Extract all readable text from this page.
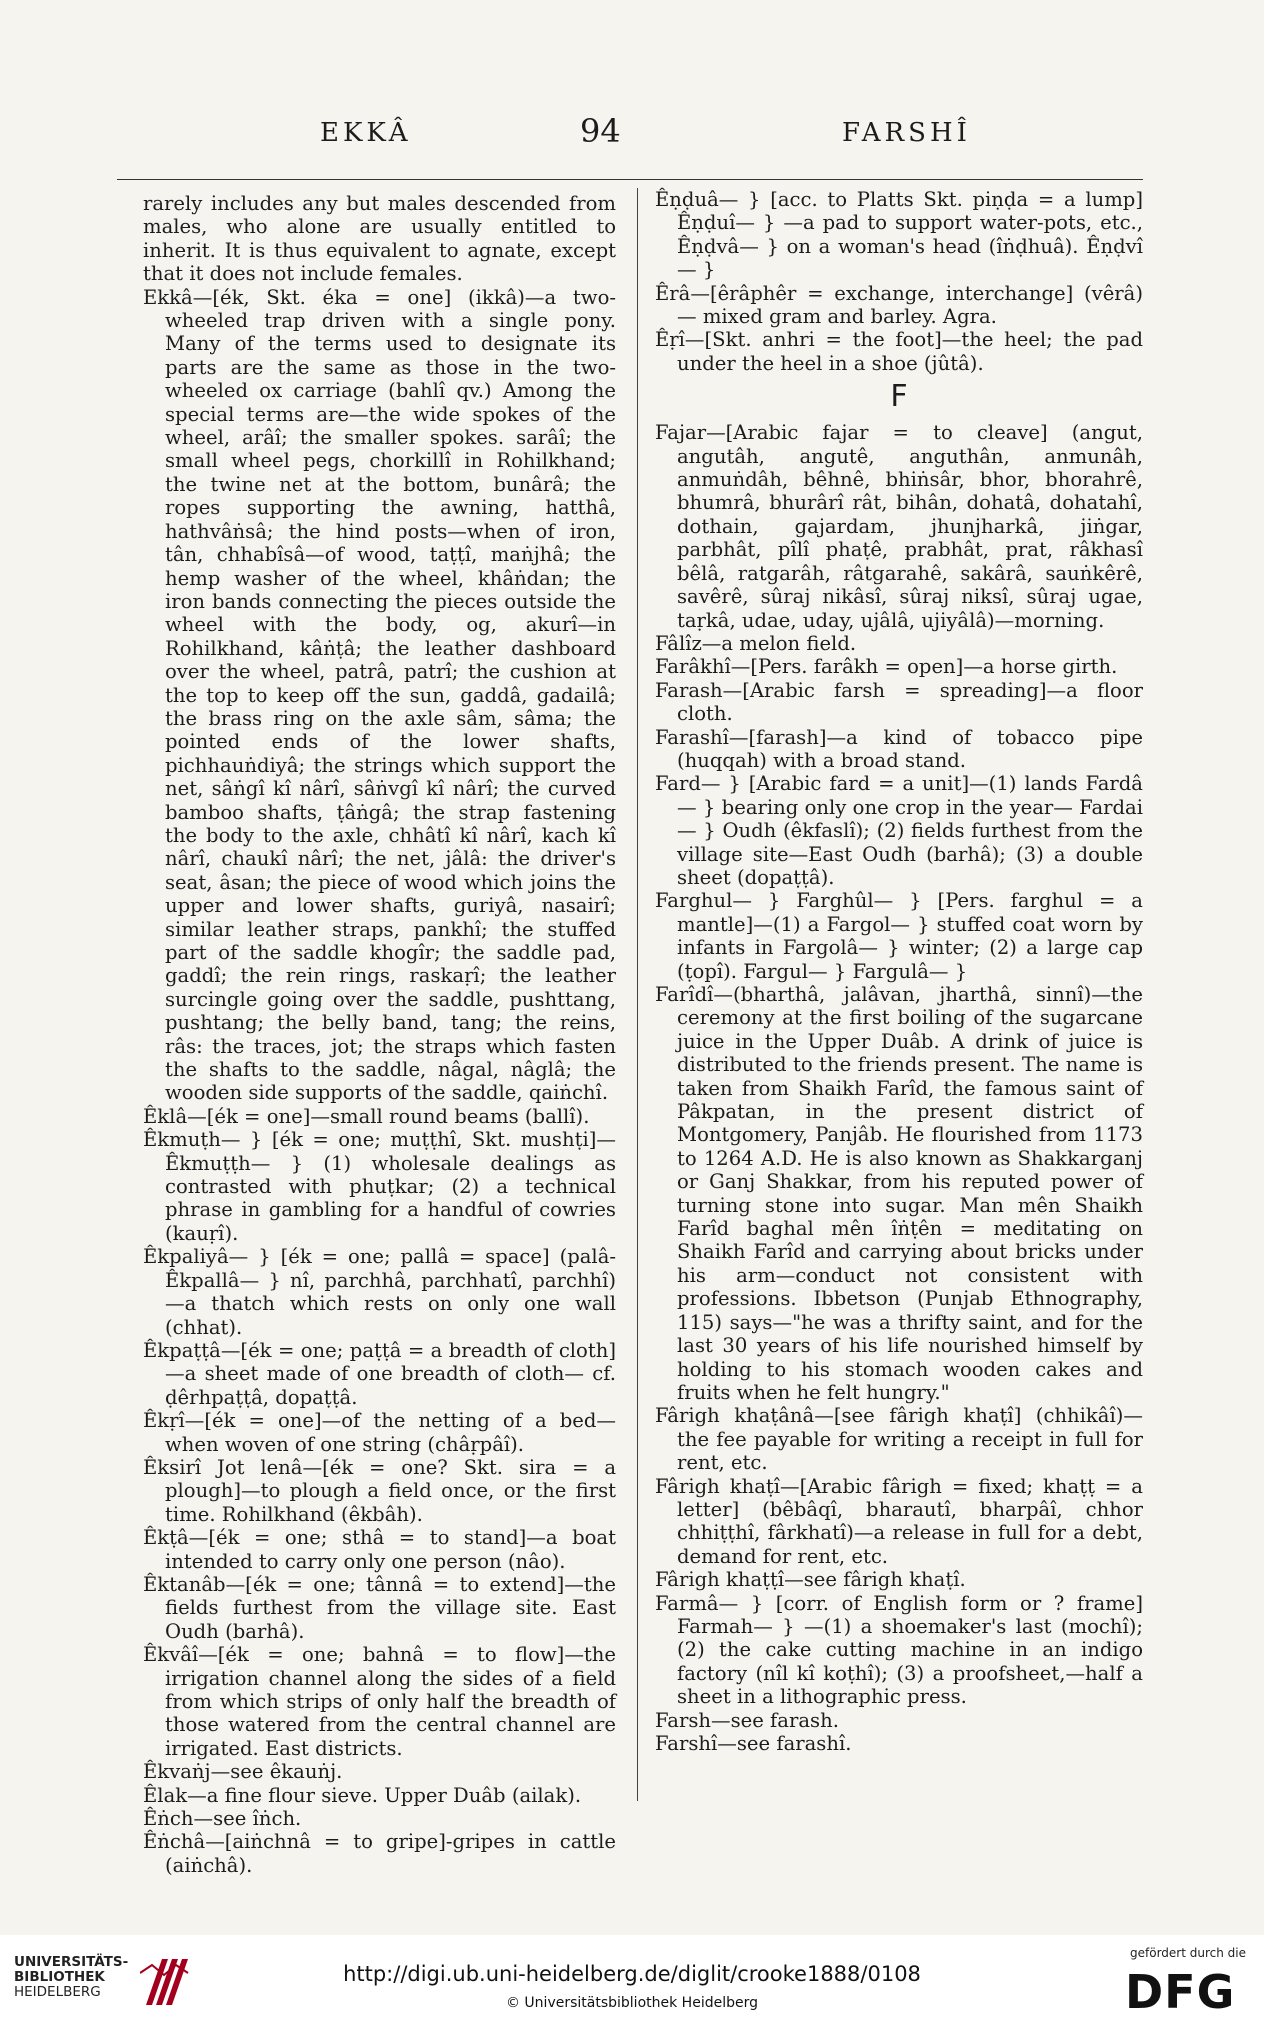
EKKÂ	94	FARSHÎ

rarely includes any but males descended from males, who alone are usually entitled to inherit. It is thus equivalent to agnate, except that it does not include females.

Ekkâ—[ék, Skt. éka = one] (ikkâ)—a two-wheeled trap driven with a single pony. Many of the terms used to designate its parts are the same as those in the two-wheeled ox carriage (bahlî qv.) Among the special terms are—the wide spokes of the wheel, arâî; the smaller spokes. sarâî; the small wheel pegs, chorkillî in Rohilkhand; the twine net at the bottom, bunârâ; the ropes supporting the awning, hatthâ, hathvâṅsâ; the hind posts—when of iron, tân, chhabîsâ—of wood, taṭṭî, maṅjhâ; the hemp washer of the wheel, khâṅdan; the iron bands connecting the pieces outside the wheel with the body, og, akurî—in Rohilkhand, kâṅṭâ; the leather dashboard over the wheel, patrâ, patrî; the cushion at the top to keep off the sun, gaddâ, gadailâ; the brass ring on the axle sâm, sâma; the pointed ends of the lower shafts, pichhauṅdiyâ; the strings which support the net, sâṅgî kî nârî, sâṅvgî kî nârî; the curved bamboo shafts, ṭâṅgâ; the strap fastening the body to the axle, chhâtî kî nârî, kach kî nârî, chaukî nârî; the net, jâlâ: the driver's seat, âsan; the piece of wood which joins the upper and lower shafts, guriyâ, nasairî; similar leather straps, pankhî; the stuffed part of the saddle khogîr; the saddle pad, gaddî; the rein rings, raskaṛî; the leather surcingle going over the saddle, pushttang, pushtang; the belly band, tang; the reins, râs: the traces, jot; the straps which fasten the shafts to the saddle, nâgal, nâglâ; the wooden side supports of the saddle, qaiṅchî.

Êklâ—[ék = one]—small round beams (ballî).

Êkmuṭh— } [ék = one; muṭṭhî, Skt. mushṭi]— Êkmuṭṭh— } (1) wholesale dealings as contrasted with phuṭkar; (2) a technical phrase in gambling for a handful of cowries (kauṛî).

Êkpaliyâ— } [ék = one; pallâ = space] (palâ- Êkpallâ— } nî, parchhâ, parchhatî, parchhî) —a thatch which rests on only one wall (chhat).

Êkpaṭṭâ—[ék = one; paṭṭâ = a breadth of cloth]—a sheet made of one breadth of cloth— cf. ḍêrhpaṭṭâ, dopaṭṭâ.

Êkṛî—[ék = one]—of the netting of a bed— when woven of one string (châṛpâî).

Êksirî Jot lenâ—[ék = one? Skt. sira = a plough]—to plough a field once, or the first time. Rohilkhand (êkbâh).

Êkṭâ—[ék = one; sthâ = to stand]—a boat intended to carry only one person (nâo).

Êktanâb—[ék = one; tânnâ = to extend]—the fields furthest from the village site. East Oudh (barhâ).

Êkvâî—[ék = one; bahnâ = to flow]—the irrigation channel along the sides of a field from which strips of only half the breadth of those watered from the central channel are irrigated. East districts.

Êkvaṅj—see êkauṅj.

Êlak—a fine flour sieve. Upper Duâb (ailak).

Êṅch—see îṅch.

Êṅchâ—[aiṅchnâ = to gripe]-gripes in cattle (aiṅchâ).

Êṇḍuâ— } [acc. to Platts Skt. piṇḍa = a lump] Êṇḍuî— } —a pad to support water-pots, etc., Êṇḍvâ— } on a woman's head (îṅḍhuâ). Êṇḍvî— }

Êrâ—[êrâphêr = exchange, interchange] (vêrâ)— mixed gram and barley. Agra.

Êṛî—[Skt. anhri = the foot]—the heel; the pad under the heel in a shoe (jûtâ).

F

Fajar—[Arabic fajar = to cleave] (angut, angutâh, angutê, anguthân, anmunâh, anmuṅdâh, bêhnê, bhiṅsâr, bhor, bhorahrê, bhumrâ, bhurârî rât, bihân, dohatâ, dohatahî, dothain, gajardam, jhunjharkâ, jiṅgar, parbhât, pîlî phaṭê, prabhât, prat, râkhasî bêlâ, ratgarâh, râtgarahê, sakârâ, sauṅkêrê, savêrê, sûraj nikâsî, sûraj niksî, sûraj ugae, taṛkâ, udae, uday, ujâlâ, ujiyâlâ)—morning.

Fâlîz—a melon field.

Farâkhî—[Pers. farâkh = open]—a horse girth.

Farash—[Arabic farsh = spreading]—a floor cloth.

Farashî—[farash]—a kind of tobacco pipe (huqqah) with a broad stand.

Fard— } [Arabic fard = a unit]—(1) lands Fardâ— } bearing only one crop in the year— Fardai— } Oudh (êkfaslî); (2) fields furthest from the village site—East Oudh (barhâ); (3) a double sheet (dopaṭṭâ).

Farghul— } Farghûl— } [Pers. farghul = a mantle]—(1) a Fargol— } stuffed coat worn by infants in Fargolâ— } winter; (2) a large cap (ṭopî). Fargul— } Fargulâ— }

Farîdî—(bharthâ, jalâvan, jharthâ, sinnî)—the ceremony at the first boiling of the sugarcane juice in the Upper Duâb. A drink of juice is distributed to the friends present. The name is taken from Shaikh Farîd, the famous saint of Pâkpatan, in the present district of Montgomery, Panjâb. He flourished from 1173 to 1264 A.D. He is also known as Shakkarganj or Ganj Shakkar, from his reputed power of turning stone into sugar. Man mên Shaikh Farîd baghal mên îṅṭên = meditating on Shaikh Farîd and carrying about bricks under his arm—conduct not consistent with professions. Ibbetson (Punjab Ethnography, 115) says—"he was a thrifty saint, and for the last 30 years of his life nourished himself by holding to his stomach wooden cakes and fruits when he felt hungry."

Fârigh khaṭânâ—[see fârigh khaṭî] (chhikâî)— the fee payable for writing a receipt in full for rent, etc.

Fârigh khaṭî—[Arabic fârigh = fixed; khaṭṭ = a letter] (bêbâqî, bharautî, bharpâî, chhor chhiṭṭhî, fârkhatî)—a release in full for a debt, demand for rent, etc.

Fârigh khaṭṭî—see fârigh khaṭî.

Farmâ— } [corr. of English form or ? frame] Farmah— } —(1) a shoemaker's last (mochî); (2) the cake cutting machine in an indigo factory (nîl kî koṭhî); (3) a proofsheet,—half a sheet in a lithographic press.

Farsh—see farash.

Farshî—see farashî.

UNIVERSITÄTS-
BIBLIOTHEK
HEIDELBERG
http://digi.ub.uni-heidelberg.de/diglit/crooke1888/0108
© Universitätsbibliothek Heidelberg
gefördert durch die
DFG
